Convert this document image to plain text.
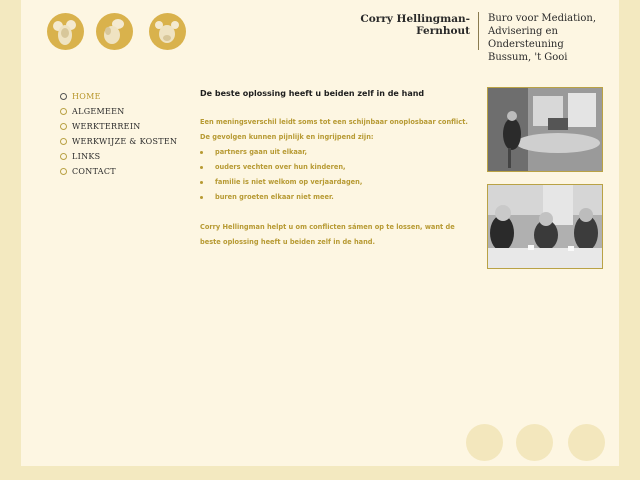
Corry Hellingman-Fernhout
Buro voor Mediation,
Advisering en Ondersteuning
Bussum, 't Gooi
HOME
ALGEMEEN
WERKTERREIN
WERKWIJZE & KOSTEN
LINKS
CONTACT
De beste oplossing heeft u beiden zelf in de hand

Een meningsverschil leidt soms tot een schijnbaar onoplosbaar conflict. De gevolgen kunnen pijnlijk en ingrijpend zijn:

partners gaan uit elkaar,
ouders vechten over hun kinderen,
familie is niet welkom op verjaardagen,
buren groeten elkaar niet meer.

Corry Hellingman helpt u om conflicten sámen op te lossen, want de beste oplossing heeft u beiden zelf in de hand.
